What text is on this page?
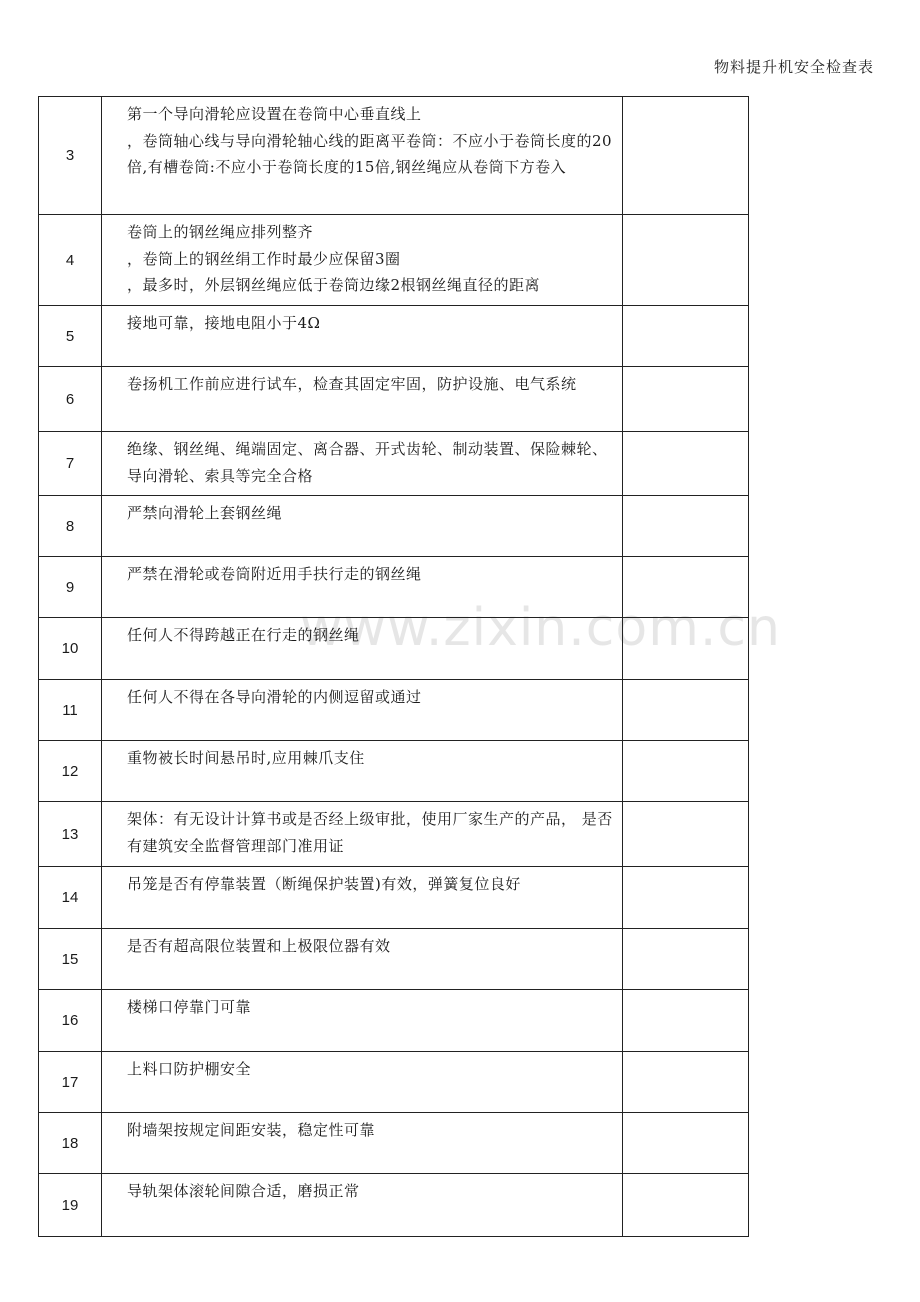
物料提升机安全检查表
www.zixin.com.cn
3	第一个导向滑轮应设置在卷筒中心垂直线上
，卷筒轴心线与导向滑轮轴心线的距离平卷筒：不应小于卷筒长度的20倍,有槽卷筒:不应小于卷筒长度的15倍,钢丝绳应从卷筒下方卷入	
4	卷筒上的钢丝绳应排列整齐
，卷筒上的钢丝绢工作时最少应保留3圈
，最多时，外层钢丝绳应低于卷筒边缘2根钢丝绳直径的距离	
5	接地可靠，接地电阻小于4Ω	
6	卷扬机工作前应进行试车，检查其固定牢固，防护设施、电气系统	
7	绝缘、钢丝绳、绳端固定、离合器、开式齿轮、制动装置、保险棘轮、导向滑轮、索具等完全合格	
8	严禁向滑轮上套钢丝绳	
9	严禁在滑轮或卷筒附近用手扶行走的钢丝绳	
10	任何人不得跨越正在行走的钢丝绳	
11	任何人不得在各导向滑轮的内侧逗留或通过	
12	重物被长时间悬吊时,应用棘爪支住	
13	架体：有无设计计算书或是否经上级审批，使用厂家生产的产品， 是否有建筑安全监督管理部门准用证	
14	吊笼是否有停靠装置（断绳保护装置)有效，弹簧复位良好	
15	是否有超高限位装置和上极限位器有效	
16	楼梯口停靠门可靠	
17	上料口防护棚安全	
18	附墙架按规定间距安装，稳定性可靠	
19	导轨架体滚轮间隙合适，磨损正常	
